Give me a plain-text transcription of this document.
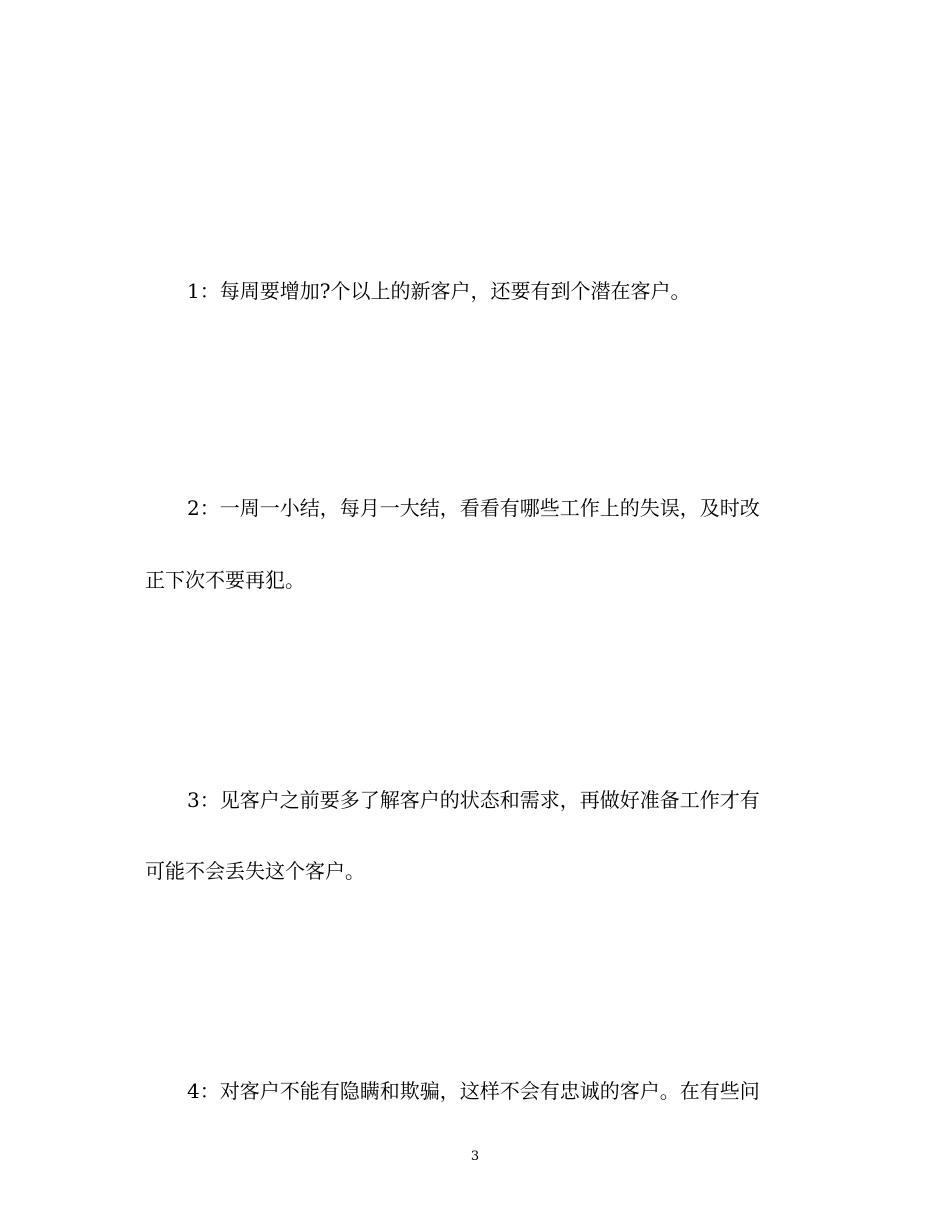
1：每周要增加?个以上的新客户，还要有到个潜在客户。
2：一周一小结，每月一大结，看看有哪些工作上的失误，及时改
正下次不要再犯。
3：见客户之前要多了解客户的状态和需求，再做好准备工作才有
可能不会丢失这个客户。
4：对客户不能有隐瞒和欺骗，这样不会有忠诚的客户。在有些问
3
